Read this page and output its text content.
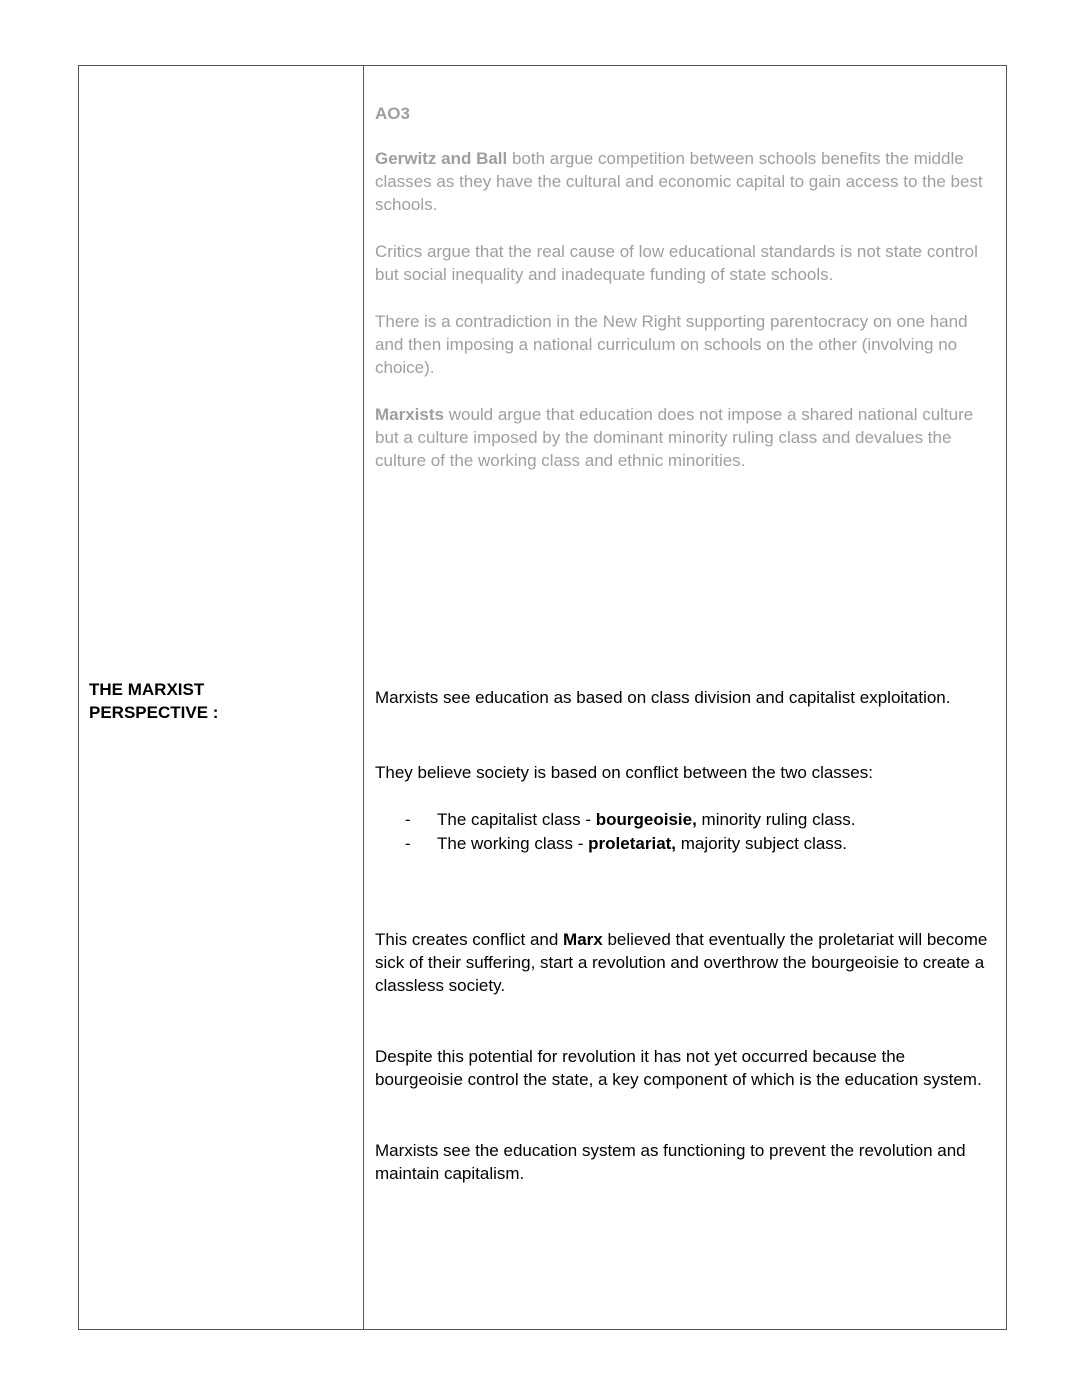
AO3

Gerwitz and Ball both argue competition between schools benefits the middle classes as they have the cultural and economic capital to gain access to the best schools.

Critics argue that the real cause of low educational standards is not state control but social inequality and inadequate funding of state schools.

There is a contradiction in the New Right supporting parentocracy on one hand and then imposing a national curriculum on schools on the other (involving no choice).

Marxists would argue that education does not impose a shared national culture but a culture imposed by the dominant minority ruling class and devalues the culture of the working class and ethnic minorities.

THE MARXIST
PERSPECTIVE :

Marxists see education as based on class division and capitalist exploitation.

They believe society is based on conflict between the two classes:

-	The capitalist class - bourgeoisie, minority ruling class.
-	The working class - proletariat, majority subject class.

This creates conflict and Marx believed that eventually the proletariat will become sick of their suffering, start a revolution and overthrow the bourgeoisie to create a classless society.

Despite this potential for revolution it has not yet occurred because the bourgeoisie control the state, a key component of which is the education system.

Marxists see the education system as functioning to prevent the revolution and maintain capitalism.
